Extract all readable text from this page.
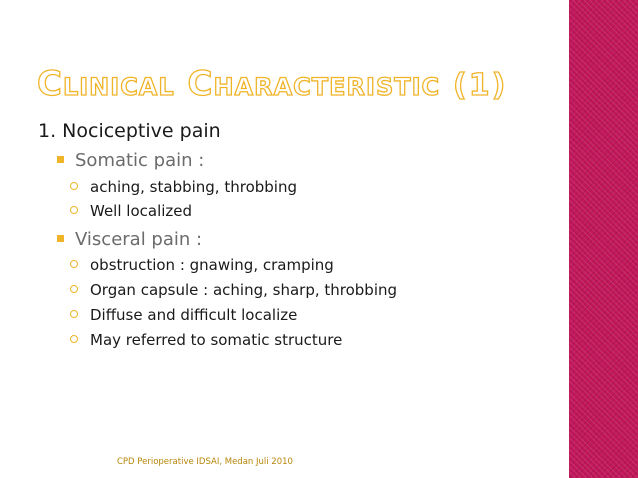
Clinical Characteristic (1)
1. Nociceptive pain
Somatic pain :
aching, stabbing, throbbing
Well localized
Visceral pain :
obstruction : gnawing, cramping
Organ capsule : aching, sharp, throbbing
Diffuse and difficult localize
May referred to somatic structure
CPD Perioperative IDSAI, Medan Juli 2010
